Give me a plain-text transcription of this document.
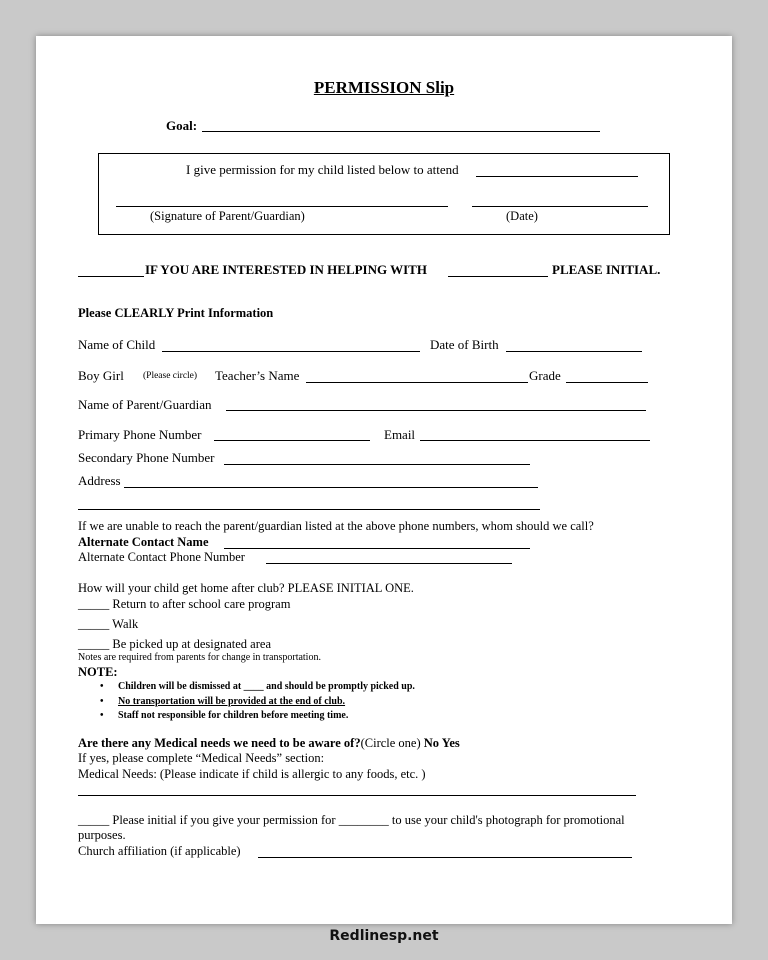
PERMISSION Slip
Goal:
I give permission for my child listed below to attend
(Signature of Parent/Guardian)	(Date)
IF YOU ARE INTERESTED IN HELPING WITH	PLEASE INITIAL.
Please CLEARLY Print Information
Name of Child	Date of Birth
Boy Girl (Please circle) Teacher’s Name	Grade
Name of Parent/Guardian
Primary Phone Number	Email
Secondary Phone Number
Address
If we are unable to reach the parent/guardian listed at the above phone numbers, whom should we call?
Alternate Contact Name
Alternate Contact Phone Number
How will your child get home after club? PLEASE INITIAL ONE.
_____ Return to after school care program
_____ Walk
_____ Be picked up at designated area
Notes are required from parents for change in transportation.
NOTE:
• Children will be dismissed at ____ and should be promptly picked up.
• No transportation will be provided at the end of club.
• Staff not responsible for children before meeting time.
Are there any Medical needs we need to be aware of?(Circle one) No Yes
If yes, please complete “Medical Needs” section:
Medical Needs: (Please indicate if child is allergic to any foods, etc. )
_____ Please initial if you give your permission for ________ to use your child's photograph for promotional
purposes.
Church affiliation (if applicable)
Redlinesp.net
